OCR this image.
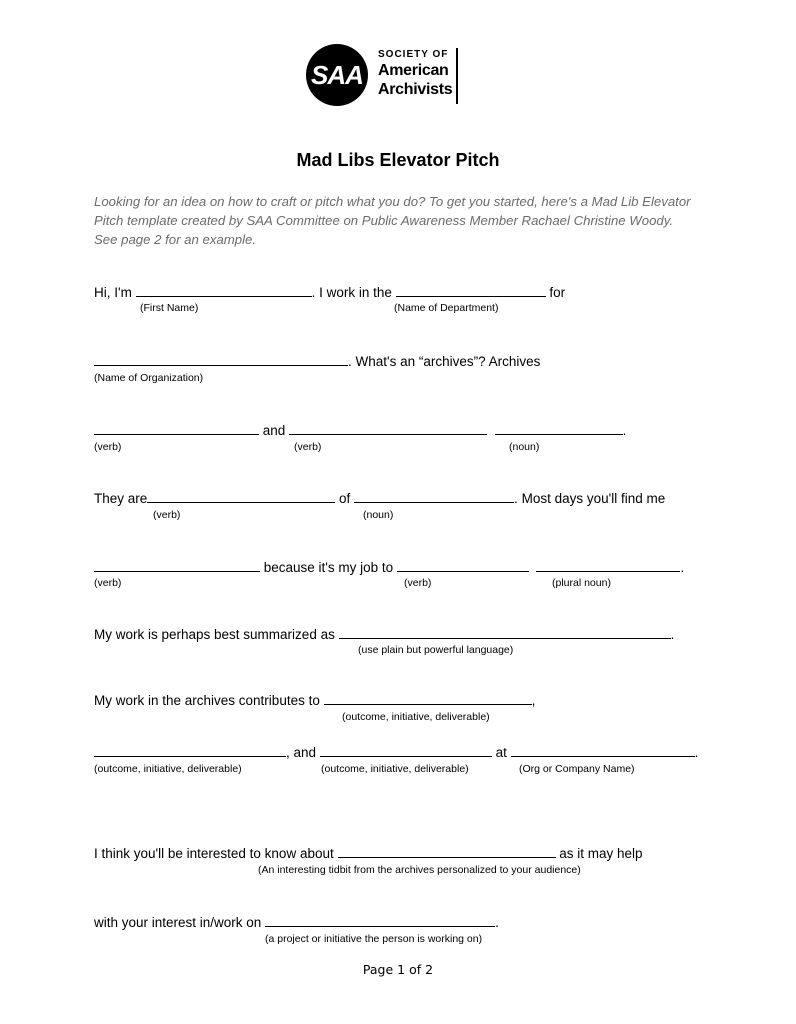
SAA
SOCIETY OF
American
Archivists
Mad Libs Elevator Pitch
Looking for an idea on how to craft or pitch what you do? To get you started, here's a Mad Lib Elevator Pitch template created by SAA Committee on Public Awareness Member Rachael Christine Woody. See page 2 for an example.
Hi, I'm	. I work in the	for
(First Name)	(Name of Department)
. What's an “archives”? Archives
(Name of Organization)
and	.
(verb)	(verb)	(noun)
They are	of	. Most days you'll find me
(verb)	(noun)
because it's my job to	.
(verb)	(verb)	(plural noun)
My work is perhaps best summarized as	.
(use plain but powerful language)
My work in the archives contributes to	,
(outcome, initiative, deliverable)
, and	at	.
(outcome, initiative, deliverable)	(outcome, initiative, deliverable)	(Org or Company Name)
I think you'll be interested to know about	as it may help
(An interesting tidbit from the archives personalized to your audience)
with your interest in/work on	.
(a project or initiative the person is working on)
Page 1 of 2
